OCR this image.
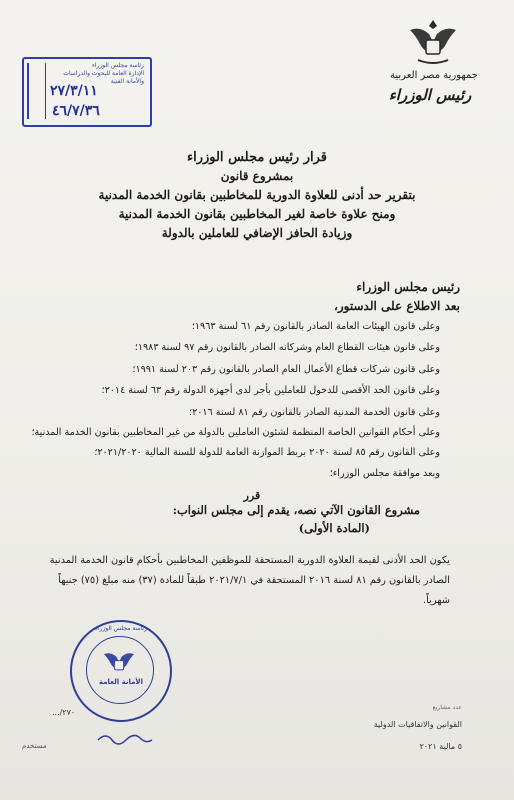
جمهورية مصر العربية
رئيس الوزراء
رئاسة مجلس الوزراء
الإدارة العامة للبحوث والدراسات
والأمانة الفنية
٢٧/٣/١١
٤٦/٧/٣٦
قرار رئيس مجلس الوزراء
بمشروع قانون
بتقرير حد أدنى للعلاوة الدورية للمخاطبين بقانون الخدمة المدنية
ومنح علاوة خاصة لغير المخاطبين بقانون الخدمة المدنية
وزيادة الحافز الإضافي للعاملين بالدولة
رئيس مجلس الوزراء
بعد الاطلاع على الدستور،
وعلى قانون الهيئات العامة الصادر بالقانون رقم ٦١ لسنة ١٩٦٣؛
وعلى قانون هيئات القطاع العام وشركاته الصادر بالقانون رقم ٩٧ لسنة ١٩٨٣؛
وعلى قانون شركات قطاع الأعمال العام الصادر بالقانون رقم ٢٠٣ لسنة ١٩٩١؛
وعلى قانون الحد الأقصى للدخول للعاملين بأجر لدى أجهزة الدولة رقم ٦٣ لسنة ٢٠١٤؛
وعلى قانون الخدمة المدنية الصادر بالقانون رقم ٨١ لسنة ٢٠١٦؛
وعلى أحكام القوانين الخاصة المنظمة لشئون العاملين بالدولة من غير المخاطبين بقانون الخدمة المدنية؛
وعلى القانون رقم ٨٥ لسنة ٢٠٢٠ بربط الموازنة العامة للدولة للسنة المالية ٢٠٢١/٢٠٢٠؛
وبعد موافقة مجلس الوزراء؛
قرر
مشروع القانون الآتي نصه، يقدم إلى مجلس النواب:
(المادة الأولى)
يكون الحد الأدنى لقيمة العلاوة الدورية المستحقة للموظفين المخاطبين بأحكام قانون الخدمة المدنية الصادر بالقانون رقم ٨١ لسنة ٢٠١٦ المستحقة في ٢٠٢١/٧/١ طبقاً للمادة (٣٧) منه مبلغ (٧٥) جنيهاً شهرياً.
رئاسة مجلس الوزراء
الأمانة العامة
عدد مشاريع
القوانين والاتفاقيات الدولية
٥ مالية ٢٠٢١
٢٧٠/...
مستخدم
